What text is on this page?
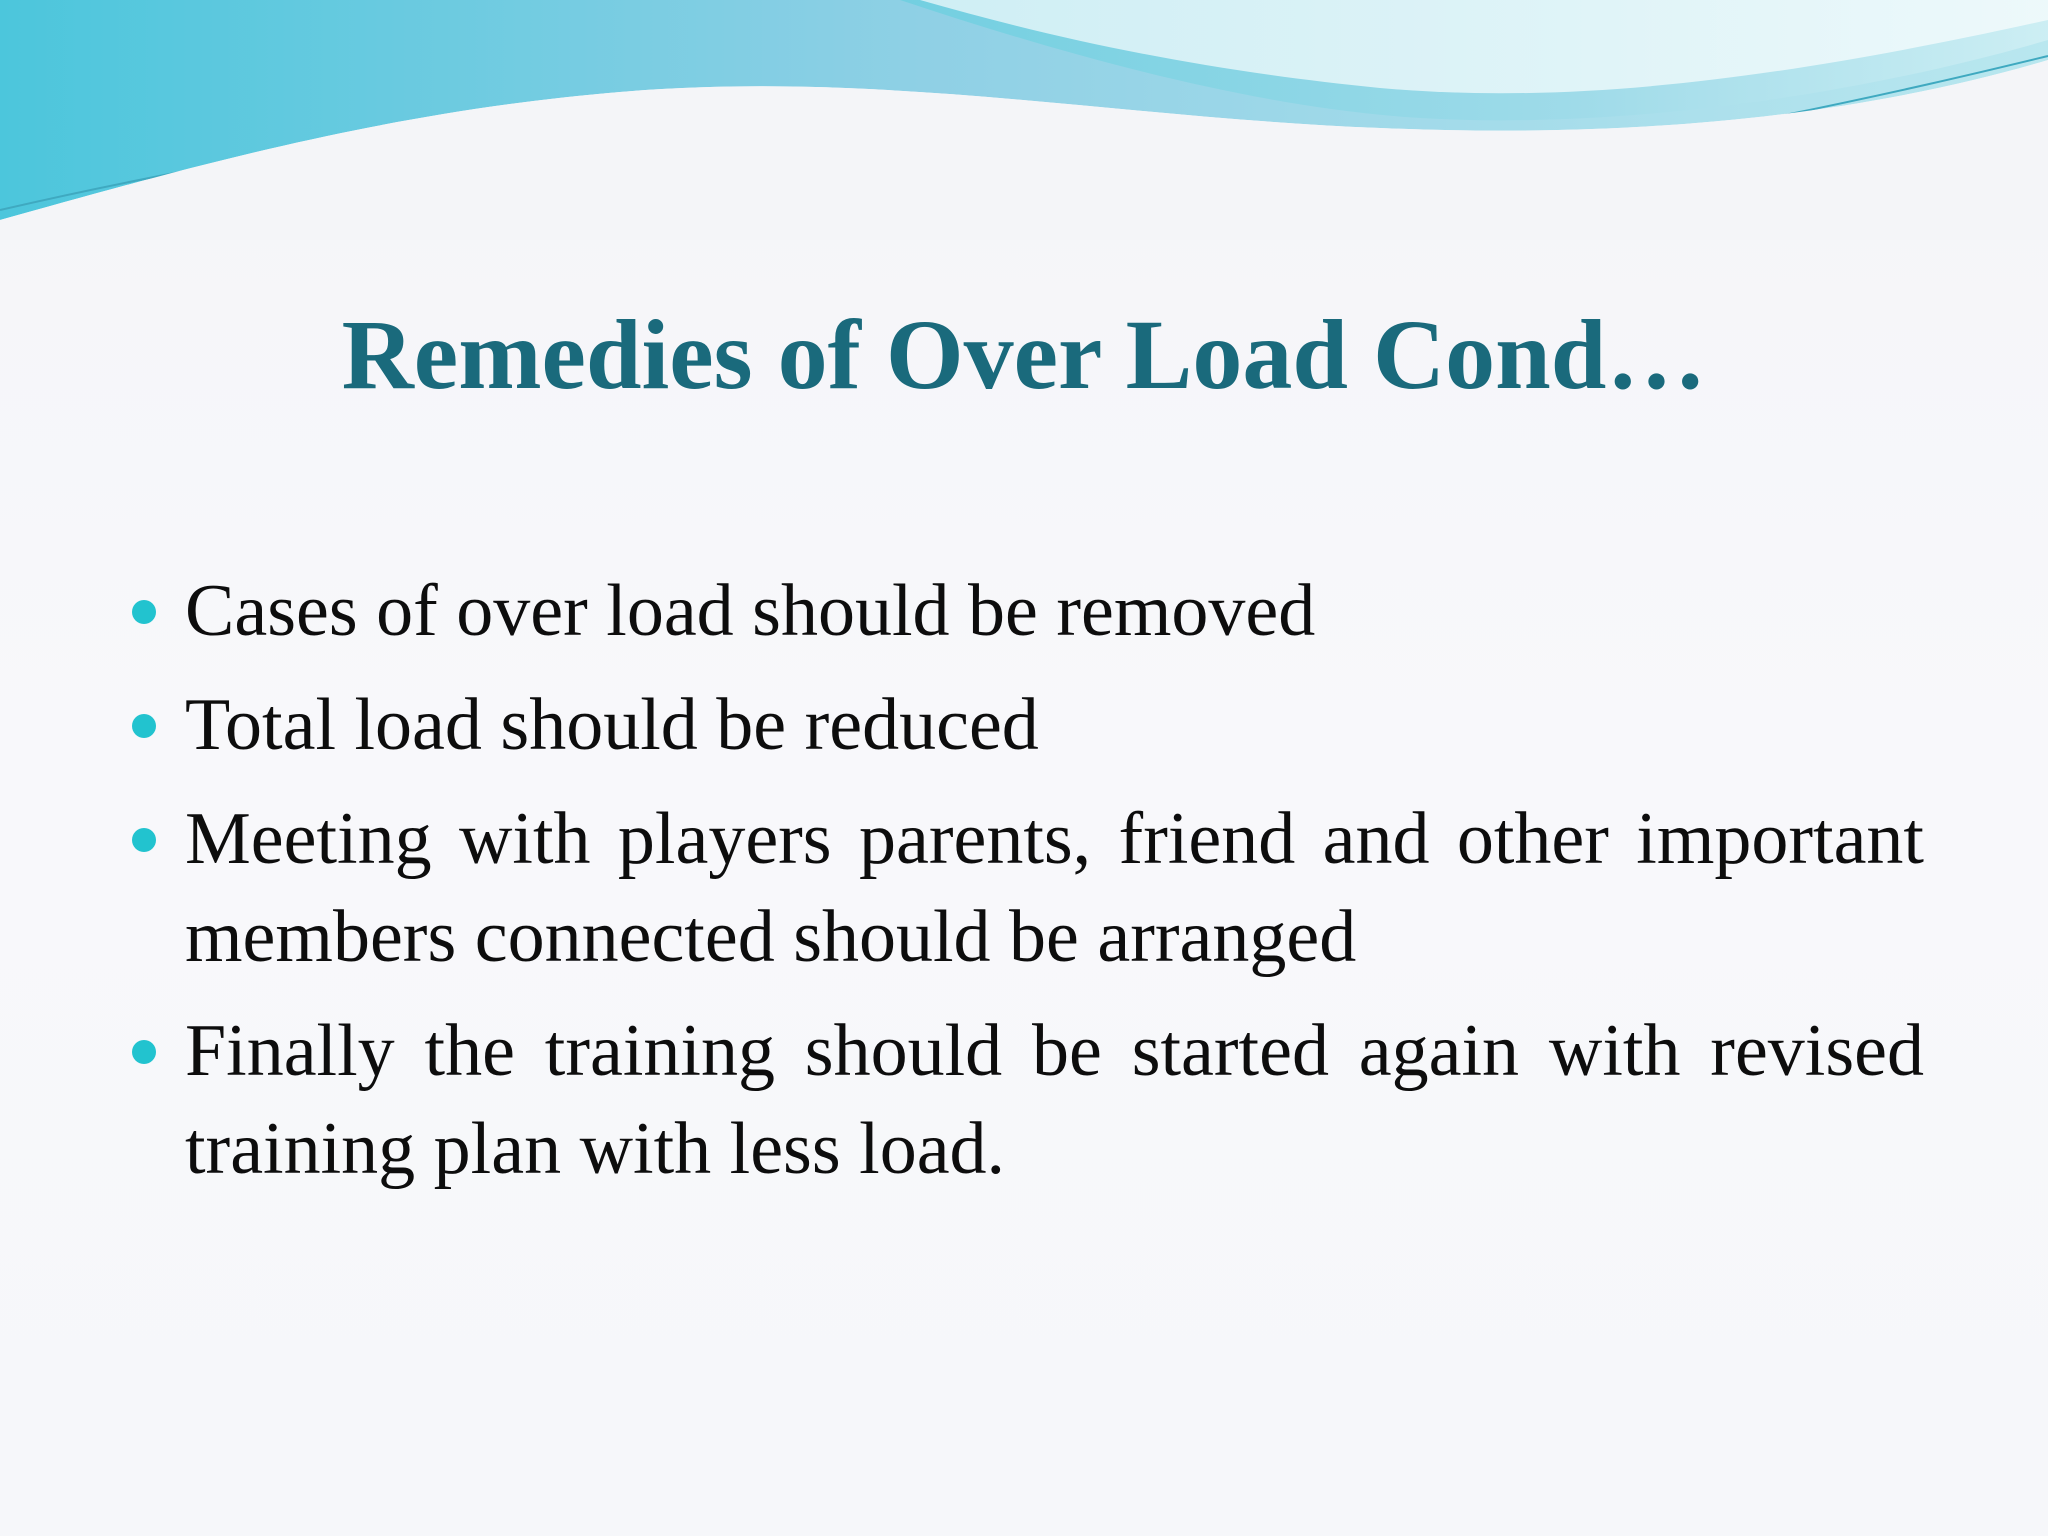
Remedies of Over Load Cond…
Cases of over load should be removed
Total load should be reduced
Meeting with players parents, friend and other important members connected should be arranged
Finally the training should be started again with revised training plan with less load.
